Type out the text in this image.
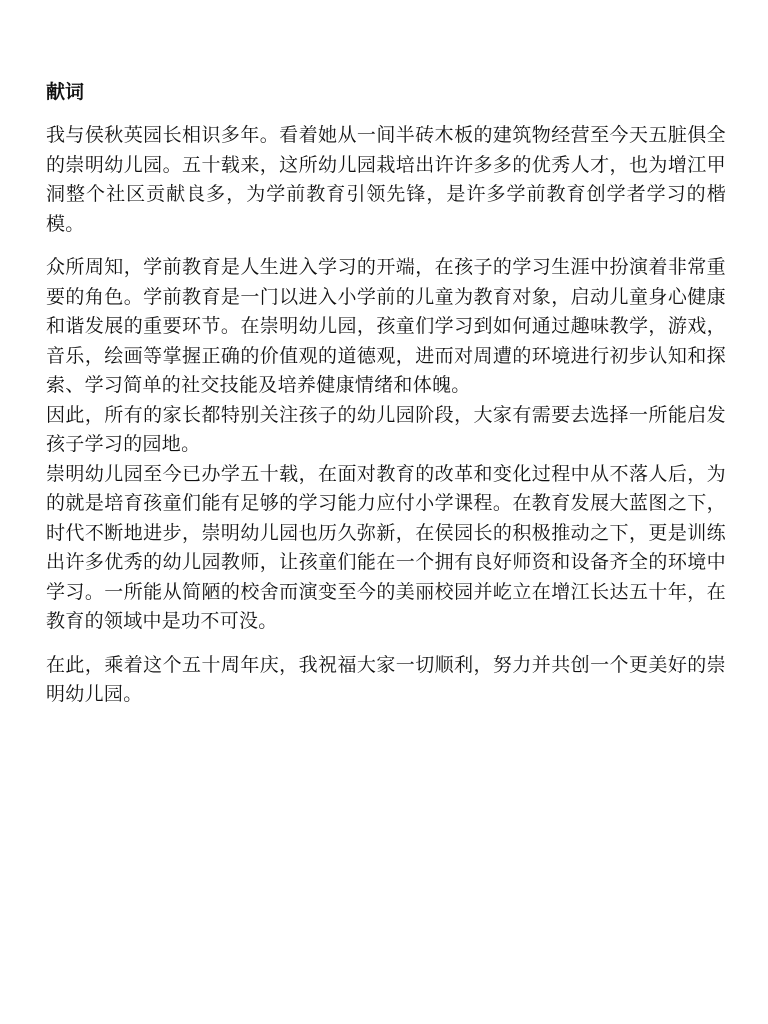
献词

我与侯秋英园长相识多年。看着她从一间半砖木板的建筑物经营至今天五脏俱全的崇明幼儿园。五十载来，这所幼儿园栽培出许许多多的优秀人才，也为增江甲洞整个社区贡献良多，为学前教育引领先锋，是许多学前教育创学者学习的楷模。

众所周知，学前教育是人生进入学习的开端，在孩子的学习生涯中扮演着非常重要的角色。学前教育是一门以进入小学前的儿童为教育对象，启动儿童身心健康和谐发展的重要环节。在崇明幼儿园，孩童们学习到如何通过趣味教学，游戏，音乐，绘画等掌握正确的价值观的道德观，进而对周遭的环境进行初步认知和探索、学习简单的社交技能及培养健康情绪和体魄。

因此，所有的家长都特别关注孩子的幼儿园阶段，大家有需要去选择一所能启发孩子学习的园地。

崇明幼儿园至今已办学五十载，在面对教育的改革和变化过程中从不落人后，为的就是培育孩童们能有足够的学习能力应付小学课程。在教育发展大蓝图之下，时代不断地进步，崇明幼儿园也历久弥新，在侯园长的积极推动之下，更是训练出许多优秀的幼儿园教师，让孩童们能在一个拥有良好师资和设备齐全的环境中学习。一所能从简陋的校舍而演变至今的美丽校园并屹立在增江长达五十年，在教育的领域中是功不可没。

在此，乘着这个五十周年庆，我祝福大家一切顺利，努力并共创一个更美好的崇明幼儿园。
